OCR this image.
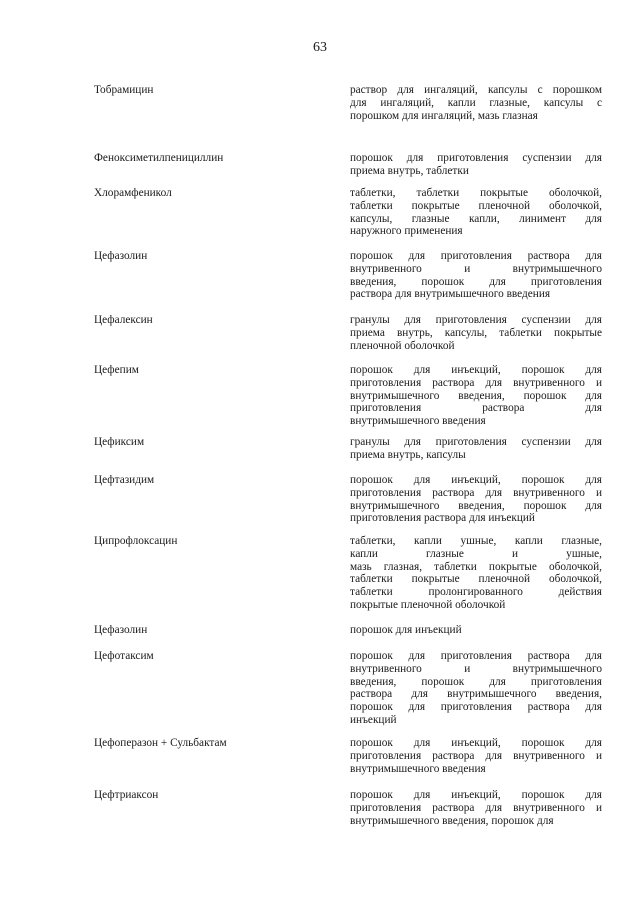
63
Тобрамицин	раствор для ингаляций, капсулы с порошком
для ингаляций, капли глазные, капсулы с
порошком для ингаляций, мазь глазная
Феноксиметилпенициллин	порошок для приготовления суспензии для
приема внутрь, таблетки
Хлорамфеникол	таблетки, таблетки покрытые оболочкой,
таблетки покрытые пленочной оболочкой,
капсулы, глазные капли, линимент для
наружного применения
Цефазолин	порошок для приготовления раствора для
внутривенного и внутримышечного
введения, порошок для приготовления
раствора для внутримышечного введения
Цефалексин	гранулы для приготовления суспензии для
приема внутрь, капсулы, таблетки покрытые
пленочной оболочкой
Цефепим	порошок для инъекций, порошок для
приготовления раствора для внутривенного и
внутримышечного введения, порошок для
приготовления раствора для
внутримышечного введения
Цефиксим	гранулы для приготовления суспензии для
приема внутрь, капсулы
Цефтазидим	порошок для инъекций, порошок для
приготовления раствора для внутривенного и
внутримышечного введения, порошок для
приготовления раствора для инъекций
Ципрофлоксацин	таблетки, капли ушные, капли глазные,
капли глазные и ушные,
мазь глазная, таблетки покрытые оболочкой,
таблетки покрытые пленочной оболочкой,
таблетки пролонгированного действия
покрытые пленочной оболочкой
Цефазолин	порошок для инъекций
Цефотаксим	порошок для приготовления раствора для
внутривенного и внутримышечного
введения, порошок для приготовления
раствора для внутримышечного введения,
порошок для приготовления раствора для
инъекций
Цефоперазон + Сульбактам	порошок для инъекций, порошок для
приготовления раствора для внутривенного и
внутримышечного введения
Цефтриаксон	порошок для инъекций, порошок для
приготовления раствора для внутривенного и
внутримышечного введения, порошок для
